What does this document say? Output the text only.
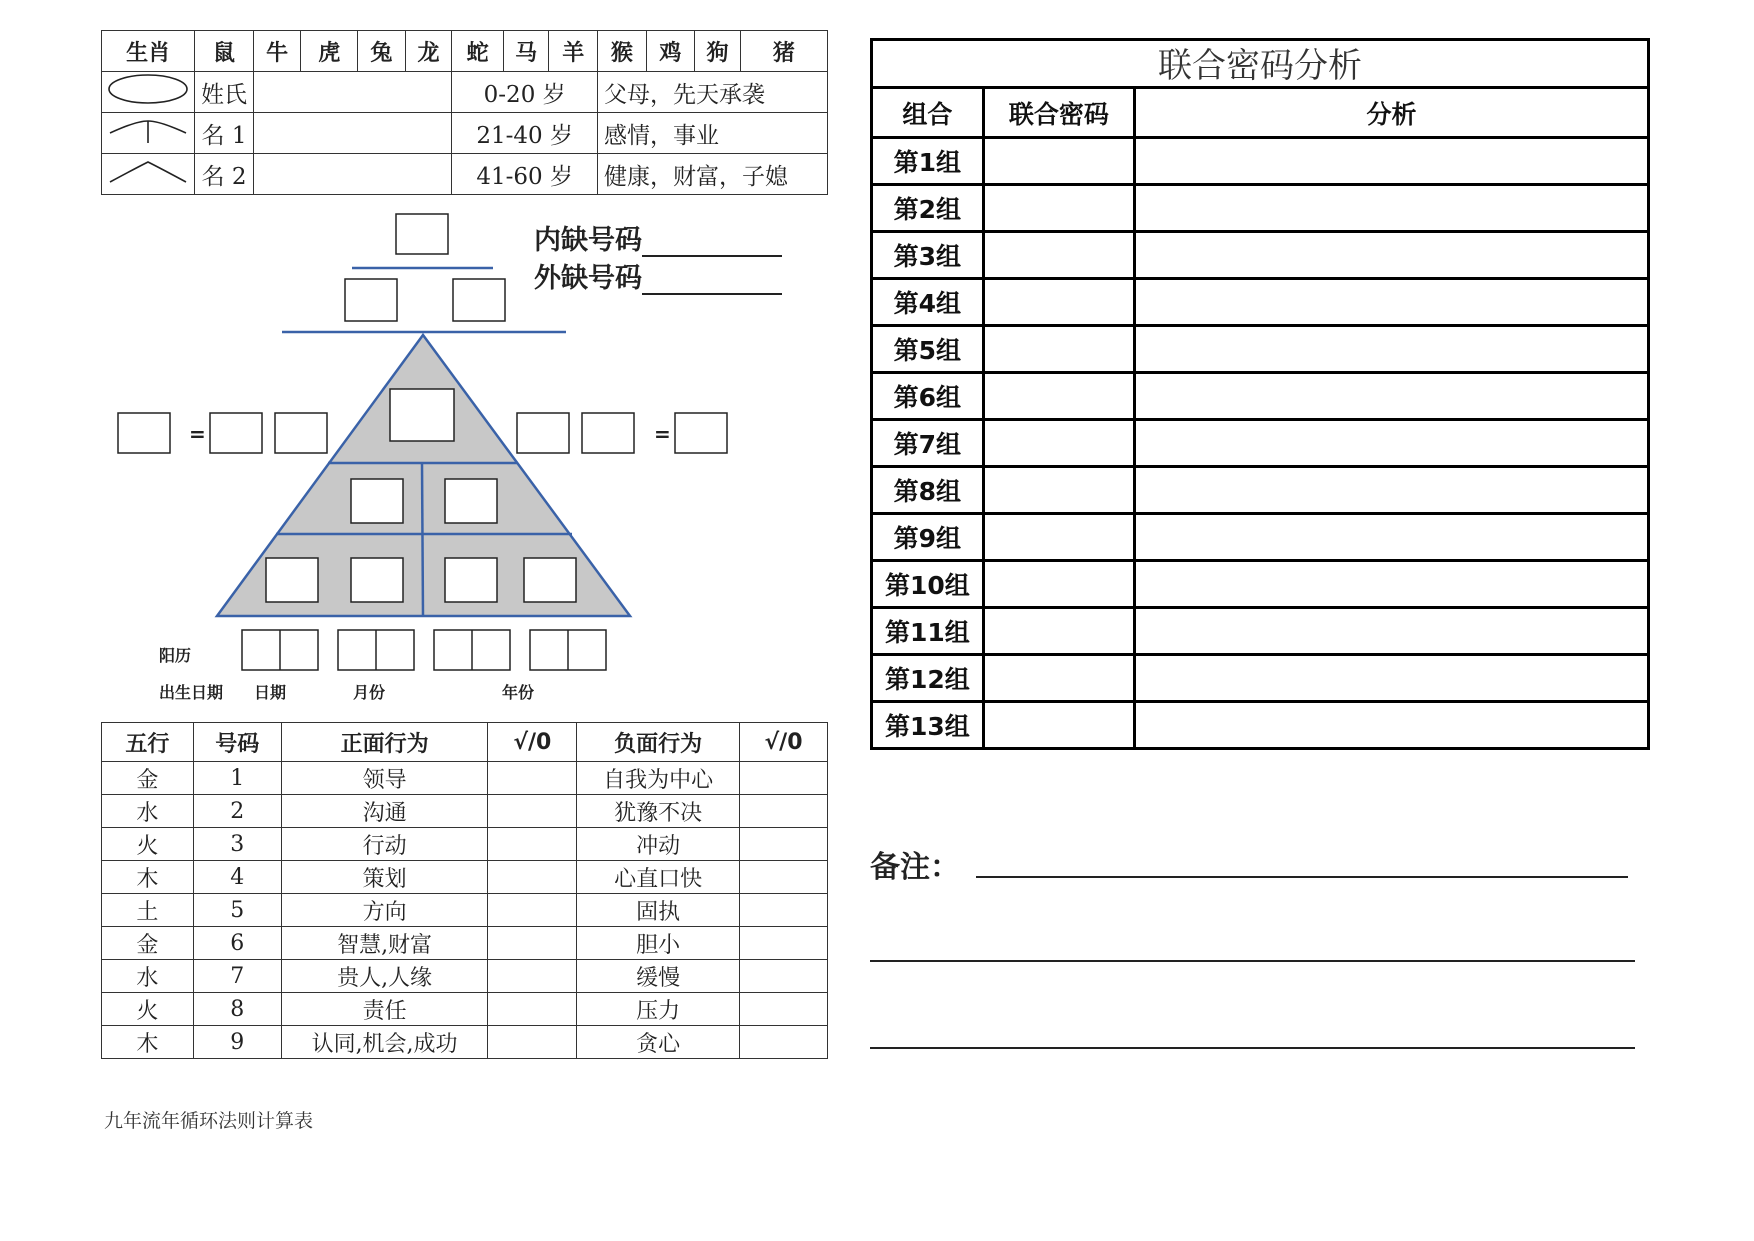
生肖	鼠	牛	虎	兔	龙	蛇	马	羊	猴	鸡	狗	猪
	姓氏					0-20 岁			父母，先天承袭			
	名 1					21-40 岁			感情，事业			
	名 2					41-60 岁			健康，财富，子媳			
=	=
内缺号码
外缺号码
阳历
出生日期 日期	月份	年份
五行	号码	正面行为	√/0	负面行为	√/0
金	1	领导		自我为中心	
水	2	沟通		犹豫不决	
火	3	行动		冲动	
木	4	策划		心直口快	
土	5	方向		固执	
金	6	智慧,财富		胆小	
水	7	贵人,人缘		缓慢	
火	8	责任		压力	
木	9	认同,机会,成功		贪心	
九年流年循环法则计算表
联合密码分析
组合	联合密码	分析
第1组		
第2组		
第3组		
第4组		
第5组		
第6组		
第7组		
第8组		
第9组		
第10组		
第11组		
第12组		
第13组		
备注：
